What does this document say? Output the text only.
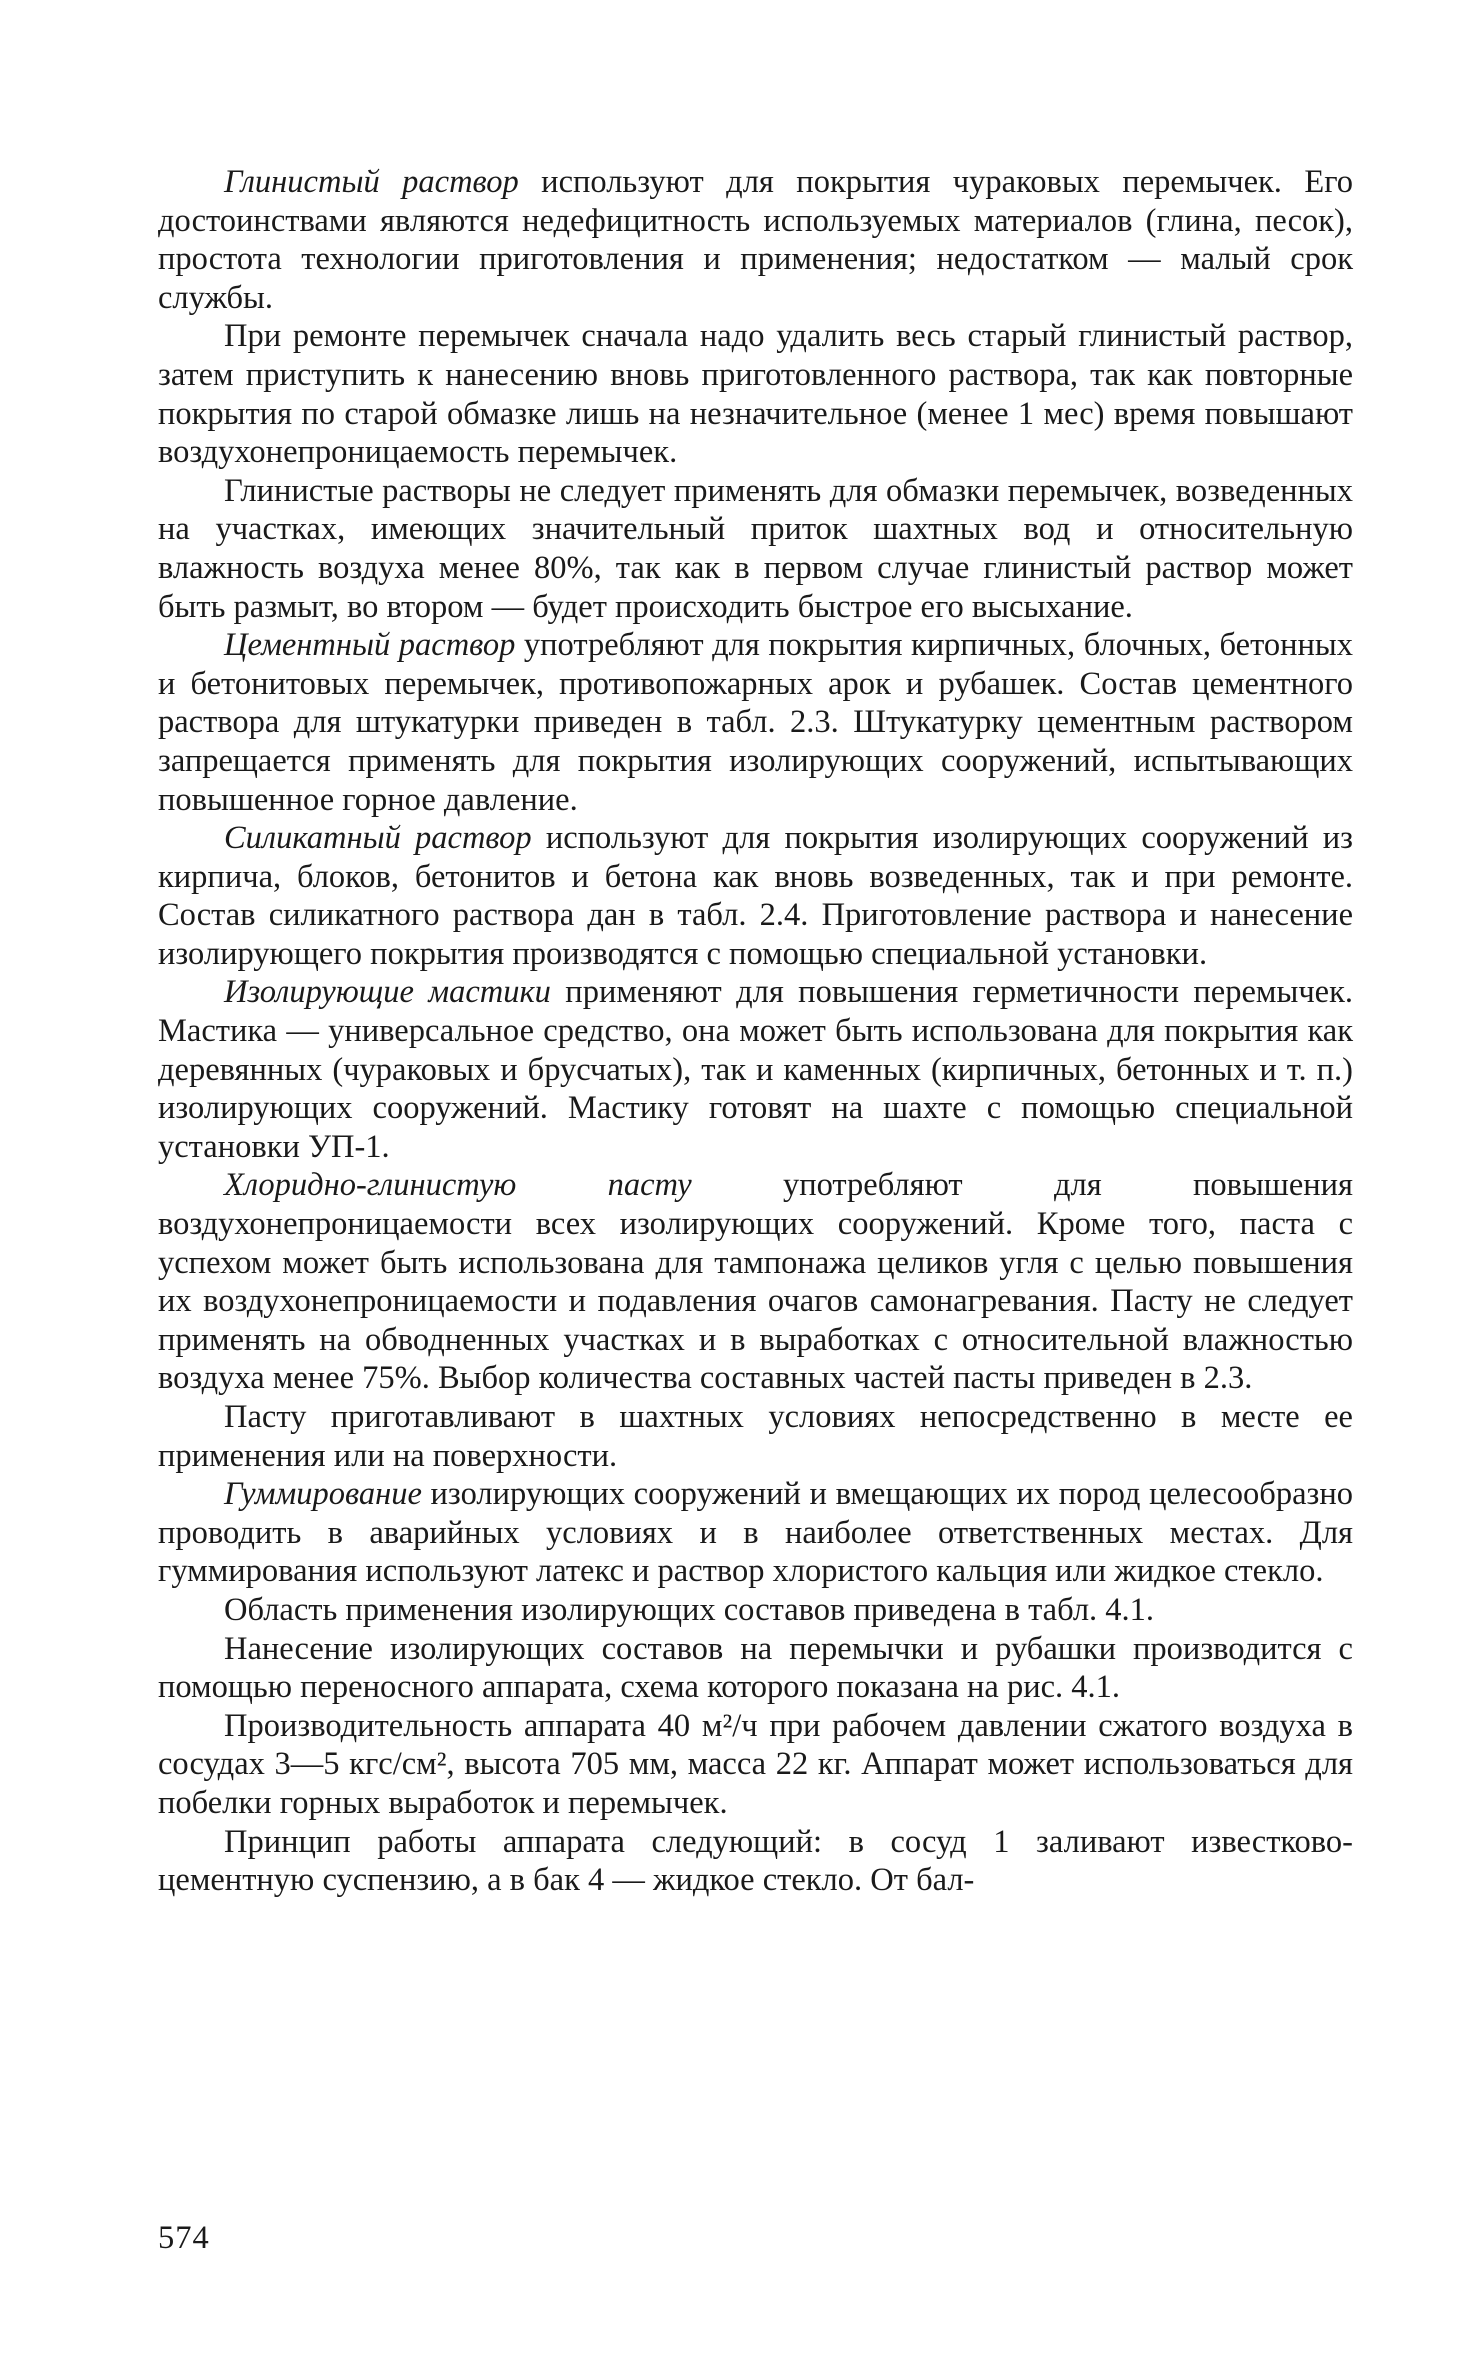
Глинистый раствор используют для покрытия чураковых перемычек. Его достоинствами являются недефицитность используемых материалов (глина, песок), простота технологии приготовления и применения; недостатком — малый срок службы.

При ремонте перемычек сначала надо удалить весь старый глинистый раствор, затем приступить к нанесению вновь приготовленного раствора, так как повторные покрытия по старой обмазке лишь на незначительное (менее 1 мес) время повышают воздухонепроницаемость перемычек.

Глинистые растворы не следует применять для обмазки перемычек, возведенных на участках, имеющих значительный приток шахтных вод и относительную влажность воздуха менее 80%, так как в первом случае глинистый раствор может быть размыт, во втором — будет происходить быстрое его высыхание.

Цементный раствор употребляют для покрытия кирпичных, блочных, бетонных и бетонитовых перемычек, противопожарных арок и рубашек. Состав цементного раствора для штукатурки приведен в табл. 2.3. Штукатурку цементным раствором запрещается применять для покрытия изолирующих сооружений, испытывающих повышенное горное давление.

Силикатный раствор используют для покрытия изолирующих сооружений из кирпича, блоков, бетонитов и бетона как вновь возведенных, так и при ремонте. Состав силикатного раствора дан в табл. 2.4. Приготовление раствора и нанесение изолирующего покрытия производятся с помощью специальной установки.

Изолирующие мастики применяют для повышения герметичности перемычек. Мастика — универсальное средство, она может быть использована для покрытия как деревянных (чураковых и брусчатых), так и каменных (кирпичных, бетонных и т. п.) изолирующих сооружений. Мастику готовят на шахте с помощью специальной установки УП-1.

Хлоридно-глинистую пасту употребляют для повышения воздухонепроницаемости всех изолирующих сооружений. Кроме того, паста с успехом может быть использована для тампонажа целиков угля с целью повышения их воздухонепроницаемости и подавления очагов самонагревания. Пасту не следует применять на обводненных участках и в выработках с относительной влажностью воздуха менее 75%. Выбор количества составных частей пасты приведен в 2.3.

Пасту приготавливают в шахтных условиях непосредственно в месте ее применения или на поверхности.

Гуммирование изолирующих сооружений и вмещающих их пород целесообразно проводить в аварийных условиях и в наиболее ответственных местах. Для гуммирования используют латекс и раствор хлористого кальция или жидкое стекло.

Область применения изолирующих составов приведена в табл. 4.1.

Нанесение изолирующих составов на перемычки и рубашки производится с помощью переносного аппарата, схема которого показана на рис. 4.1.

Производительность аппарата 40 м²/ч при рабочем давлении сжатого воздуха в сосудах 3—5 кгс/см², высота 705 мм, масса 22 кг. Аппарат может использоваться для побелки горных выработок и перемычек.

Принцип работы аппарата следующий: в сосуд 1 заливают известково-цементную суспензию, а в бак 4 — жидкое стекло. От бал-

574
